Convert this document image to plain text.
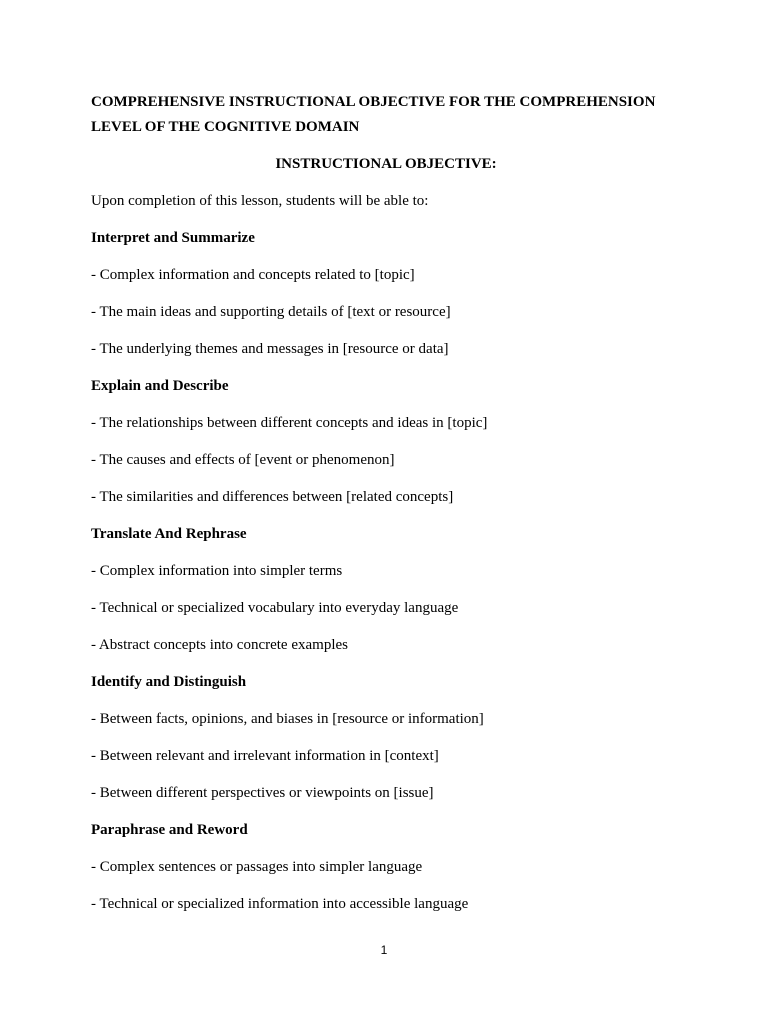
COMPREHENSIVE INSTRUCTIONAL OBJECTIVE FOR THE COMPREHENSION LEVEL OF THE COGNITIVE DOMAIN

INSTRUCTIONAL OBJECTIVE:

Upon completion of this lesson, students will be able to:

Interpret and Summarize

- Complex information and concepts related to [topic]

- The main ideas and supporting details of [text or resource]

- The underlying themes and messages in [resource or data]

Explain and Describe

- The relationships between different concepts and ideas in [topic]

- The causes and effects of [event or phenomenon]

- The similarities and differences between [related concepts]

Translate And Rephrase

- Complex information into simpler terms

- Technical or specialized vocabulary into everyday language

- Abstract concepts into concrete examples

Identify and Distinguish

- Between facts, opinions, and biases in [resource or information]

- Between relevant and irrelevant information in [context]

- Between different perspectives or viewpoints on [issue]

Paraphrase and Reword

- Complex sentences or passages into simpler language

- Technical or specialized information into accessible language

1
